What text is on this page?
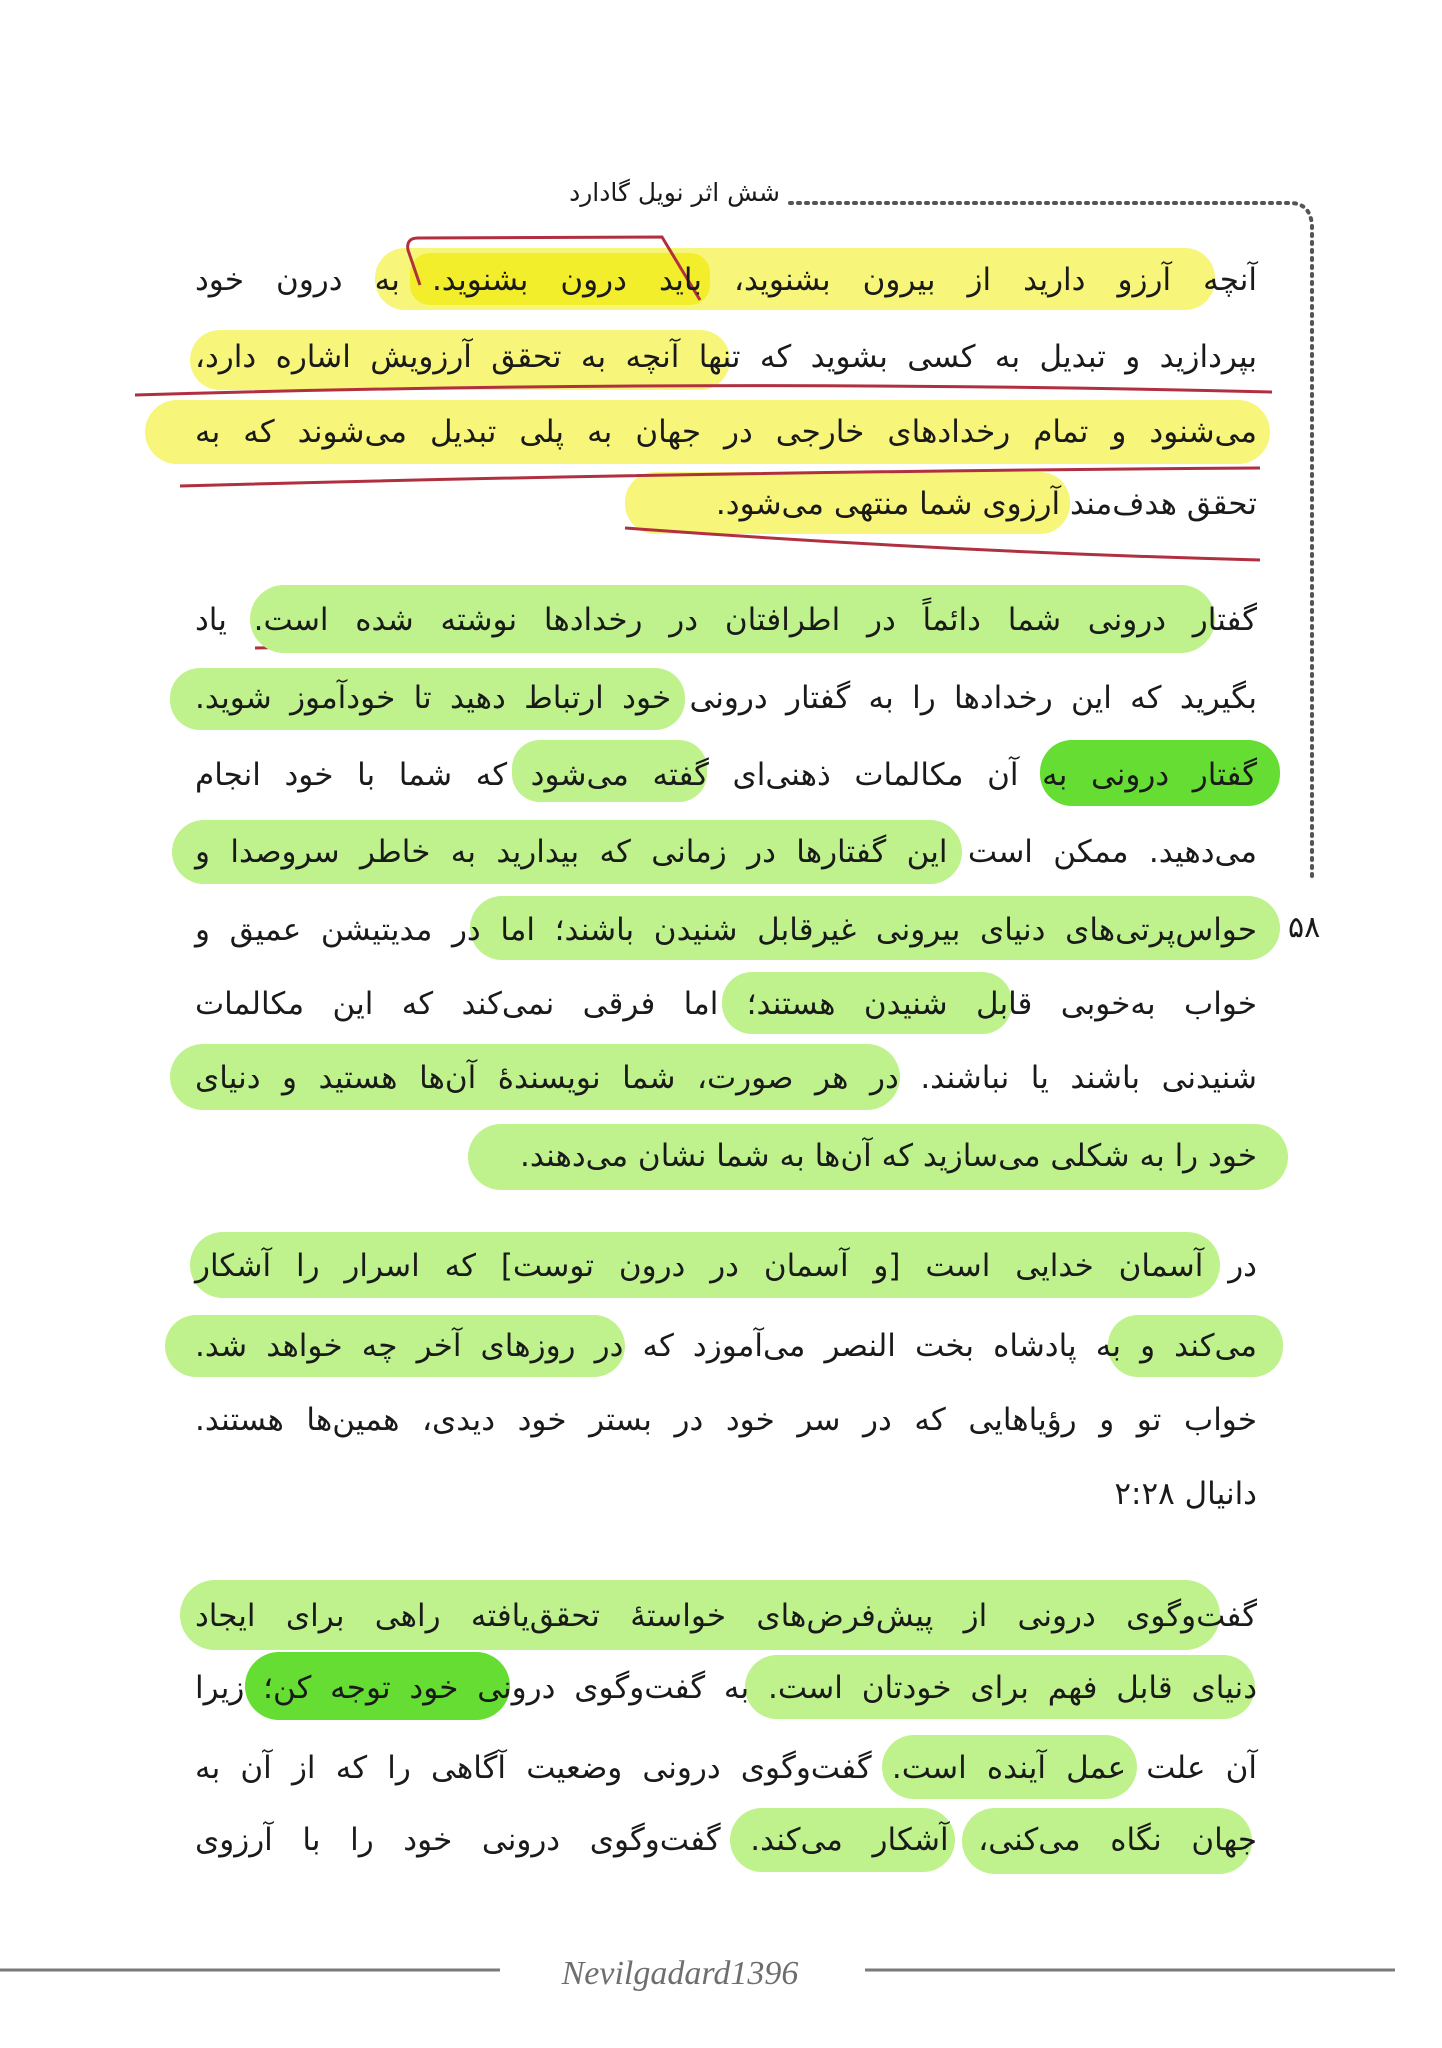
شش اثر نویل گادارد
۵۸
آنچه آرزو دارید از بیرون بشنوید، باید درون بشنوید. به درون خود
بپردازید و تبدیل به کسی بشوید که تنها آنچه به تحقق آرزویش اشاره دارد،
می‌شنود و تمام رخدادهای خارجی در جهان به پلی تبدیل می‌شوند که به
تحقق هدف‌مند آرزوی شما منتهی می‌شود.
گفتار درونی شما دائماً در اطرافتان در رخدادها نوشته شده است. یاد
بگیرید که این رخدادها را به گفتار درونی خود ارتباط دهید تا خودآموز شوید.
گفتار درونی به آن مکالمات ذهنی‌ای گفته می‌شود که شما با خود انجام
می‌دهید. ممکن است این گفتارها در زمانی که بیدارید به خاطر سروصدا و
حواس‌پرتی‌های دنیای بیرونی غیرقابل شنیدن باشند؛ اما در مدیتیشن عمیق و
خواب به‌خوبی قابل شنیدن هستند؛ اما فرقی نمی‌کند که این مکالمات
شنیدنی باشند یا نباشند. در هر صورت، شما نویسندهٔ آن‌ها هستید و دنیای
خود را به شکلی می‌سازید که آن‌ها به شما نشان می‌دهند.
در آسمان خدایی است [و آسمان در درون توست] که اسرار را آشکار
می‌کند و به پادشاه بخت النصر می‌آموزد که در روزهای آخر چه خواهد شد.
خواب تو و رؤیاهایی که در سر خود در بستر خود دیدی، همین‌ها هستند.
دانیال ۲:۲۸
گفت‌وگوی درونی از پیش‌فرض‌های خواستهٔ تحقق‌یافته راهی برای ایجاد
دنیای قابل فهم برای خودتان است. به گفت‌وگوی درونی خود توجه کن؛ زیرا
آن علت عمل آینده است. گفت‌وگوی درونی وضعیت آگاهی را که از آن به
جهان نگاه می‌کنی، آشکار می‌کند. گفت‌وگوی درونی خود را با آرزوی
Nevilgadard1396
